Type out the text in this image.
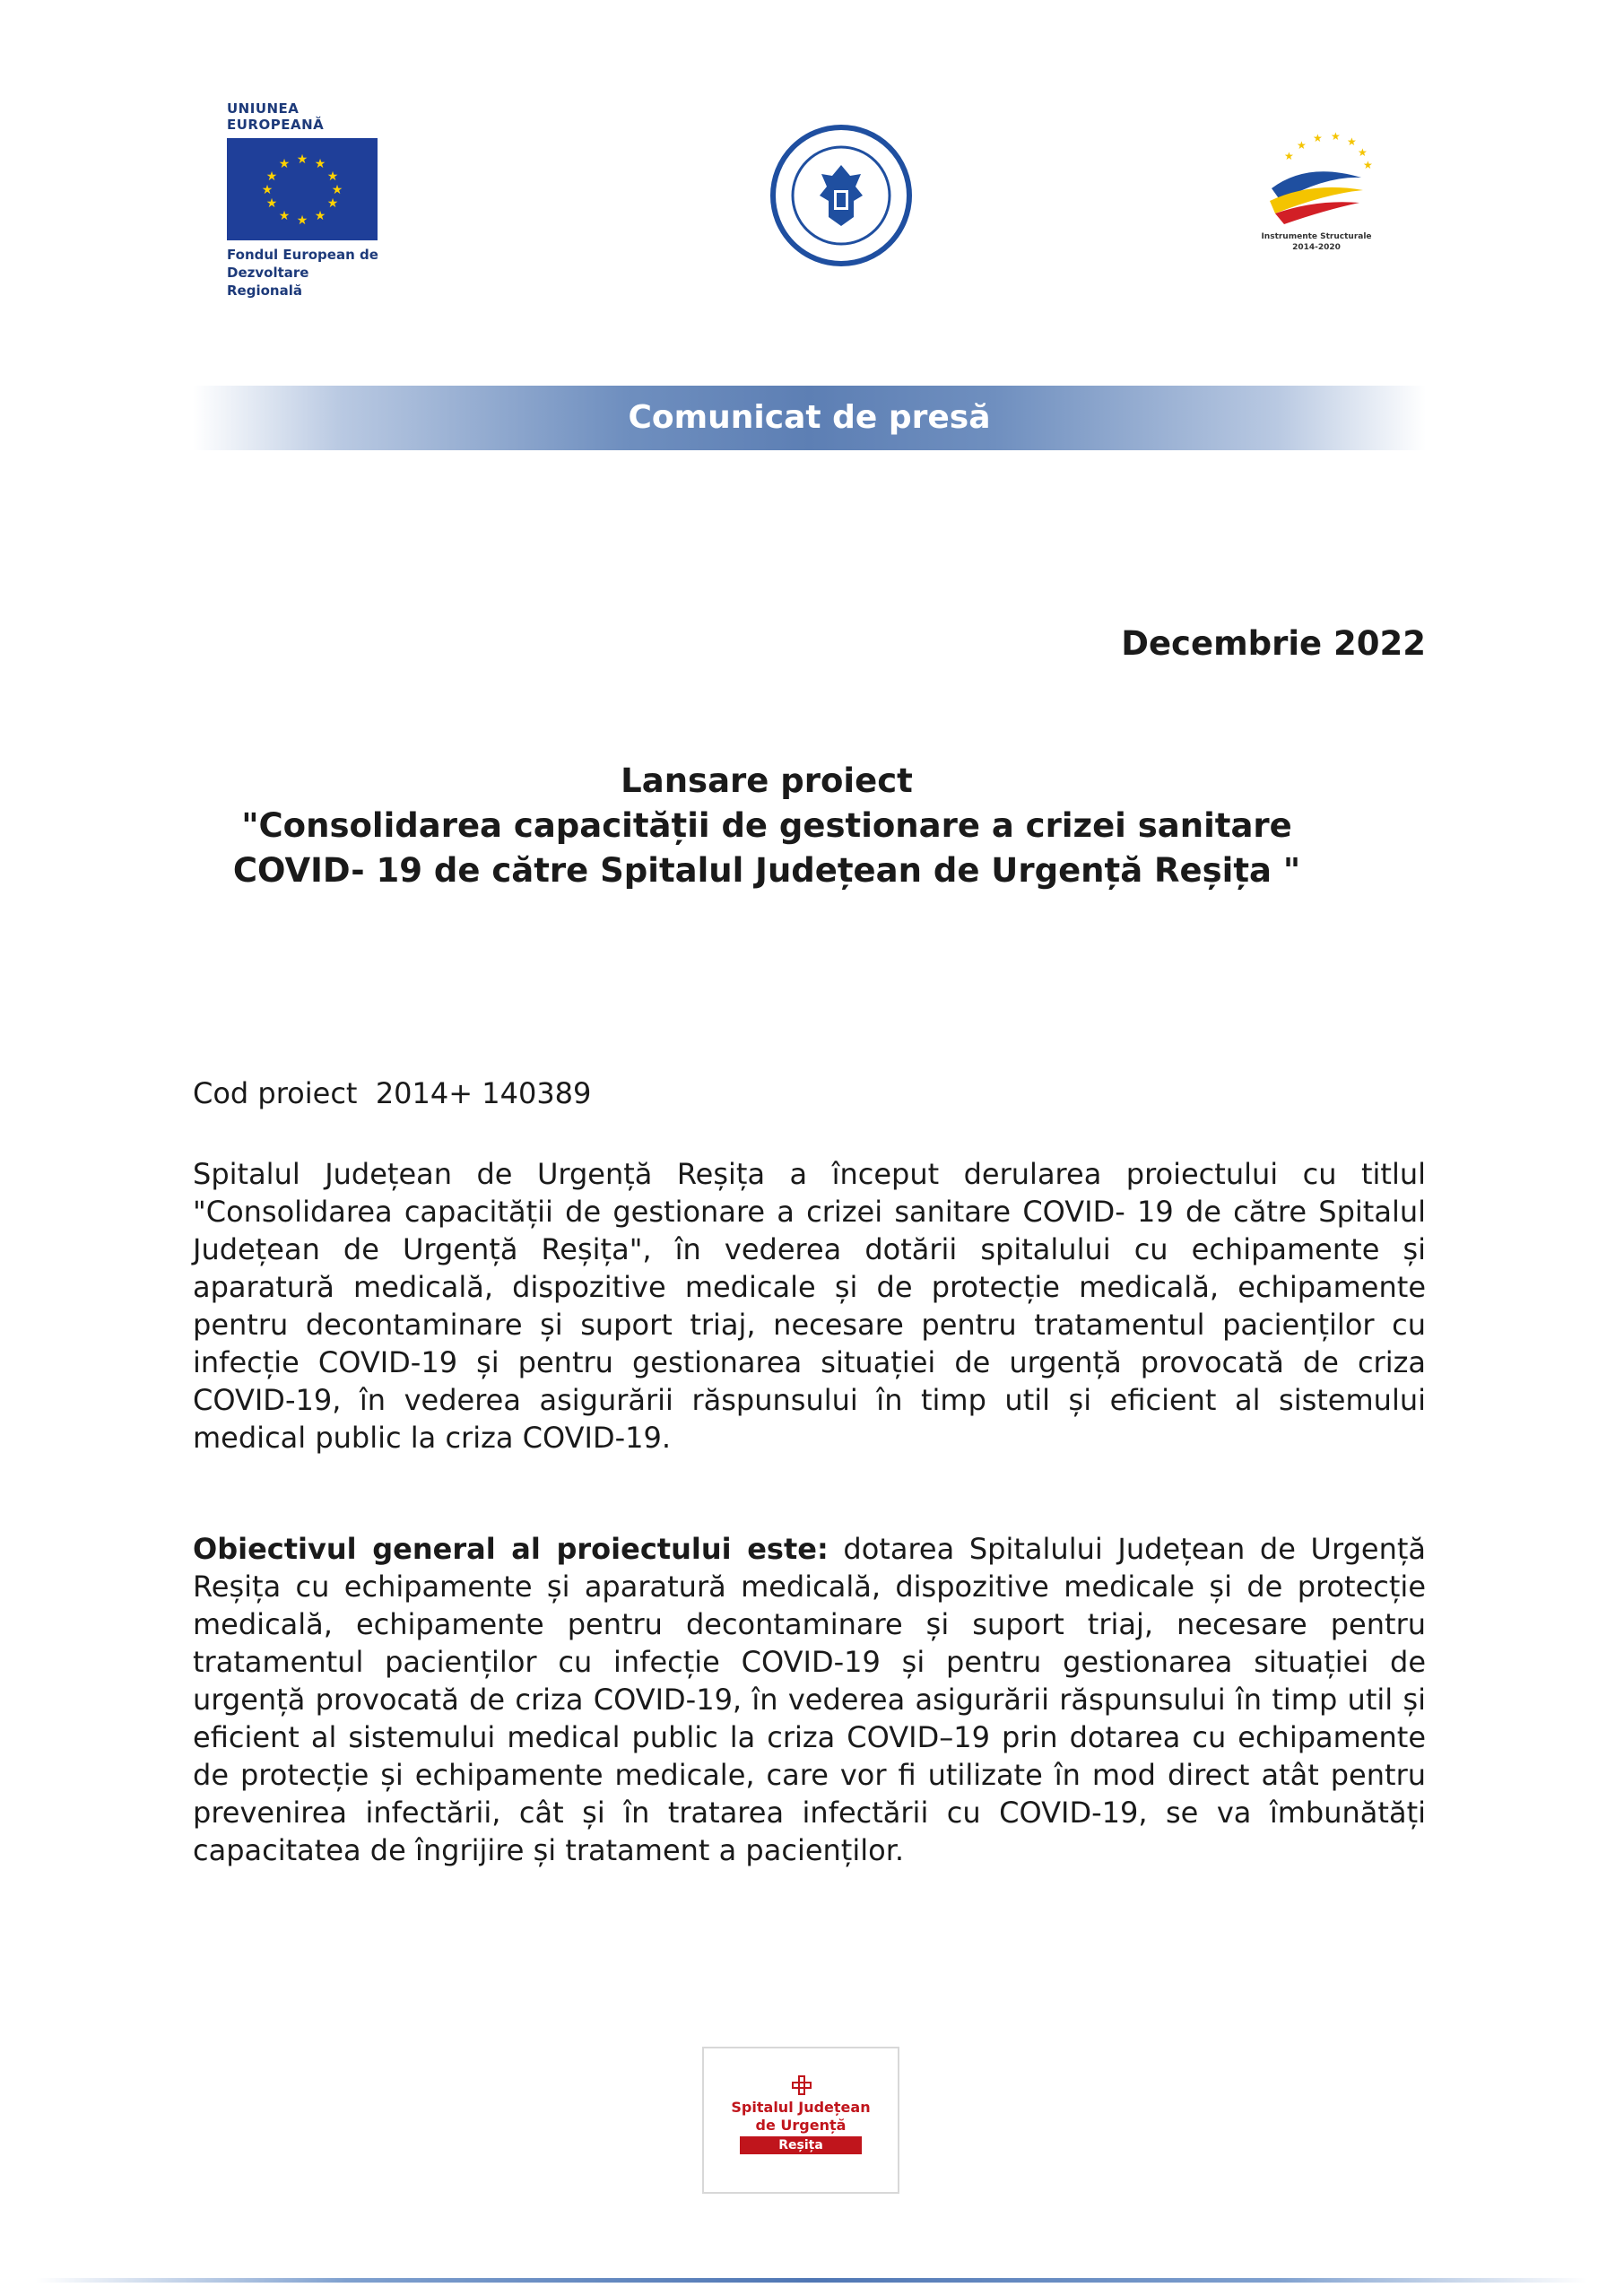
UNIUNEA EUROPEANĂ
★ ★
★
★
★
★
★
★
★
★
★
★
Fondul European de
Dezvoltare Regională
★
★ ★ ★
★
★
★
Instrumente Structurale
2014-2020
Comunicat de presă
Decembrie 2022
Lansare proiect
"Consolidarea capacității de gestionare a crizei sanitare
COVID- 19 de către Spitalul Județean de Urgență Reșița "
Cod proiect  2014+ 140389
Spitalul Județean de Urgență Reșița a început derularea proiectului cu titlul "Consolidarea capacității de gestionare a crizei sanitare COVID- 19 de către Spitalul Județean de Urgență Reșița", în vederea dotării spitalului cu echipamente și aparatură medicală, dispozitive medicale și de protecție medicală, echipamente pentru decontaminare și suport triaj, necesare pentru tratamentul pacienților cu infecție COVID-19 și pentru gestionarea situației de urgență provocată de criza COVID-19, în vederea asigurării răspunsului în timp util și eficient al sistemului medical public la criza COVID-19.
Obiectivul general al proiectului este: dotarea Spitalului Județean de Urgență Reșița cu echipamente și aparatură medicală, dispozitive medicale și de protecție medicală, echipamente pentru decontaminare și suport triaj, necesare pentru tratamentul pacienților cu infecție COVID-19 și pentru gestionarea situației de urgență provocată de criza COVID-19, în vederea asigurării răspunsului în timp util și eficient al sistemului medical public la criza COVID–19 prin dotarea cu echipamente de protecție și echipamente medicale, care vor fi utilizate în mod direct atât pentru prevenirea infectării, cât și în tratarea infectării cu COVID-19, se va îmbunătăți capacitatea de îngrijire și tratament a pacienților.
Spitalul Județean
de Urgență
Reșița
